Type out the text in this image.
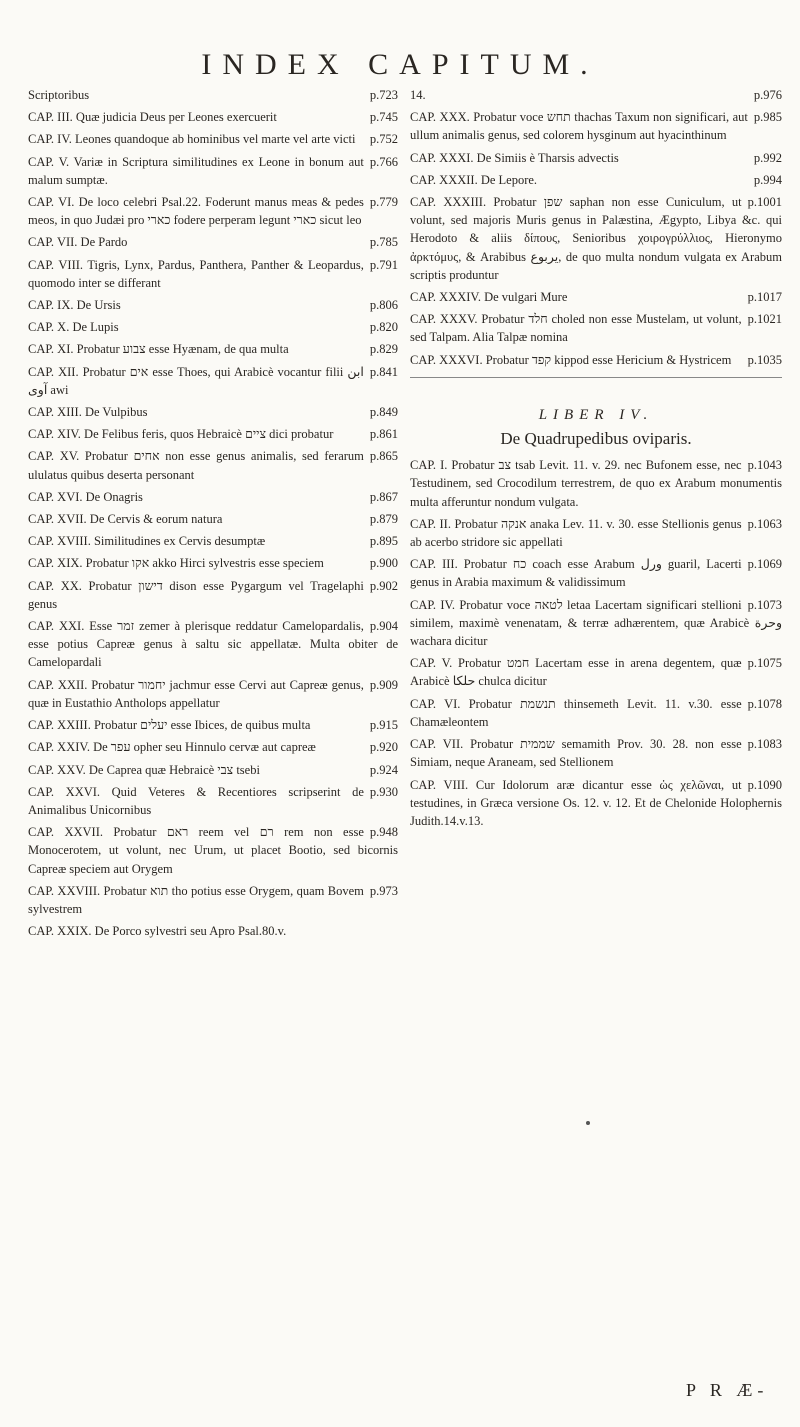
INDEX CAPITUM.
p.723
Scriptoribus
p.745
CAP. III. Quæ judicia Deus per Leones exercuerit
p.752
CAP. IV. Leones quandoque ab hominibus vel marte vel arte victi
p.766
CAP. V. Variæ in Scriptura similitudines ex Leone in bonum aut malum sumptæ.
p.779
CAP. VI. De loco celebri Psal.22. Foderunt manus meas & pedes meos, in quo Judæi pro כארי fodere perperam legunt כארי sicut leo
p.785
CAP. VII. De Pardo
p.791
CAP. VIII. Tigris, Lynx, Pardus, Panthera, Panther & Leopardus, quomodo inter se differant
p.806
CAP. IX. De Ursis
p.820
CAP. X. De Lupis
p.829
CAP. XI. Probatur צבוע esse Hyænam, de qua multa
p.841
CAP. XII. Probatur אים esse Thoes, qui Arabicè vocantur filii ابن آوى awi
p.849
CAP. XIII. De Vulpibus
p.861
CAP. XIV. De Felibus feris, quos Hebraicè ציים dici probatur
p.865
CAP. XV. Probatur אחים non esse genus animalis, sed ferarum ululatus quibus deserta personant
p.867
CAP. XVI. De Onagris
p.879
CAP. XVII. De Cervis & eorum natura
p.895
CAP. XVIII. Similitudines ex Cervis desumptæ
p.900
CAP. XIX. Probatur אקו akko Hirci sylvestris esse speciem
p.902
CAP. XX. Probatur דישון dison esse Pygargum vel Tragelaphi genus
p.904
CAP. XXI. Esse זמר zemer à plerisque reddatur Camelopardalis, esse potius Capreæ genus à saltu sic appellatæ. Multa obiter de Camelopardali
p.909
CAP. XXII. Probatur יחמור jachmur esse Cervi aut Capreæ genus, quæ in Eustathio Antholops appellatur
p.915
CAP. XXIII. Probatur יעלים esse Ibices, de quibus multa
p.920
CAP. XXIV. De עפר opher seu Hinnulo cervæ aut capreæ
p.924
CAP. XXV. De Caprea quæ Hebraicè צבי tsebi
p.930
CAP. XXVI. Quid Veteres & Recentiores scripserint de Animalibus Unicornibus
p.948
CAP. XXVII. Probatur ראם reem vel רם rem non esse Monocerotem, ut volunt, nec Urum, ut placet Bootio, sed bicornis Capreæ speciem aut Orygem
p.973
CAP. XXVIII. Probatur תוא tho potius esse Orygem, quam Bovem sylvestrem
CAP. XXIX. De Porco sylvestri seu Apro Psal.80.v.
p.976
14.
p.985
CAP. XXX. Probatur voce תחש thachas Taxum non significari, aut ullum animalis genus, sed colorem hysginum aut hyacinthinum
p.992
CAP. XXXI. De Simiis è Tharsis advectis
p.994
CAP. XXXII. De Lepore.
p.1001
CAP. XXXIII. Probatur שפן saphan non esse Cuniculum, ut volunt, sed majoris Muris genus in Palæstina, Ægypto, Libya &c. qui Herodoto & aliis δίπους, Senioribus χοιρογρύλλιος, Hieronymo ἀρκτόμυς, & Arabibus يربوع, de quo multa nondum vulgata ex Arabum scriptis produntur
p.1017
CAP. XXXIV. De vulgari Mure
p.1021
CAP. XXXV. Probatur חלד choled non esse Mustelam, ut volunt, sed Talpam. Alia Talpæ nomina
p.1035
CAP. XXXVI. Probatur קפד kippod esse Hericium & Hystricem
LIBER IV.
De Quadrupedibus oviparis.
p.1043
CAP. I. Probatur צב tsab Levit. 11. v. 29. nec Bufonem esse, nec Testudinem, sed Crocodilum terrestrem, de quo ex Arabum monumentis multa afferuntur nondum vulgata.
p.1063
CAP. II. Probatur אנקה anaka Lev. 11. v. 30. esse Stellionis genus ab acerbo stridore sic appellati
p.1069
CAP. III. Probatur כח coach esse Arabum ورل guaril, Lacerti genus in Arabia maximum & validissimum
p.1073
CAP. IV. Probatur voce לטאה letaa Lacertam significari stellioni similem, maximè venenatam, & terræ adhærentem, quæ Arabicè وحرة wachara dicitur
p.1075
CAP. V. Probatur חמט Lacertam esse in arena degentem, quæ Arabicè حلكا chulca dicitur
p.1078
CAP. VI. Probatur תנשמת thinsemeth Levit. 11. v.30. esse Chamæleontem
p.1083
CAP. VII. Probatur שממית semamith Prov. 30. 28. non esse Simiam, neque Araneam, sed Stellionem
p.1090
CAP. VIII. Cur Idolorum aræ dicantur esse ὡς χελῶναι, ut testudines, in Græca versione Os. 12. v. 12. Et de Chelonide Holophernis Judith.14.v.13.
P R Æ-
